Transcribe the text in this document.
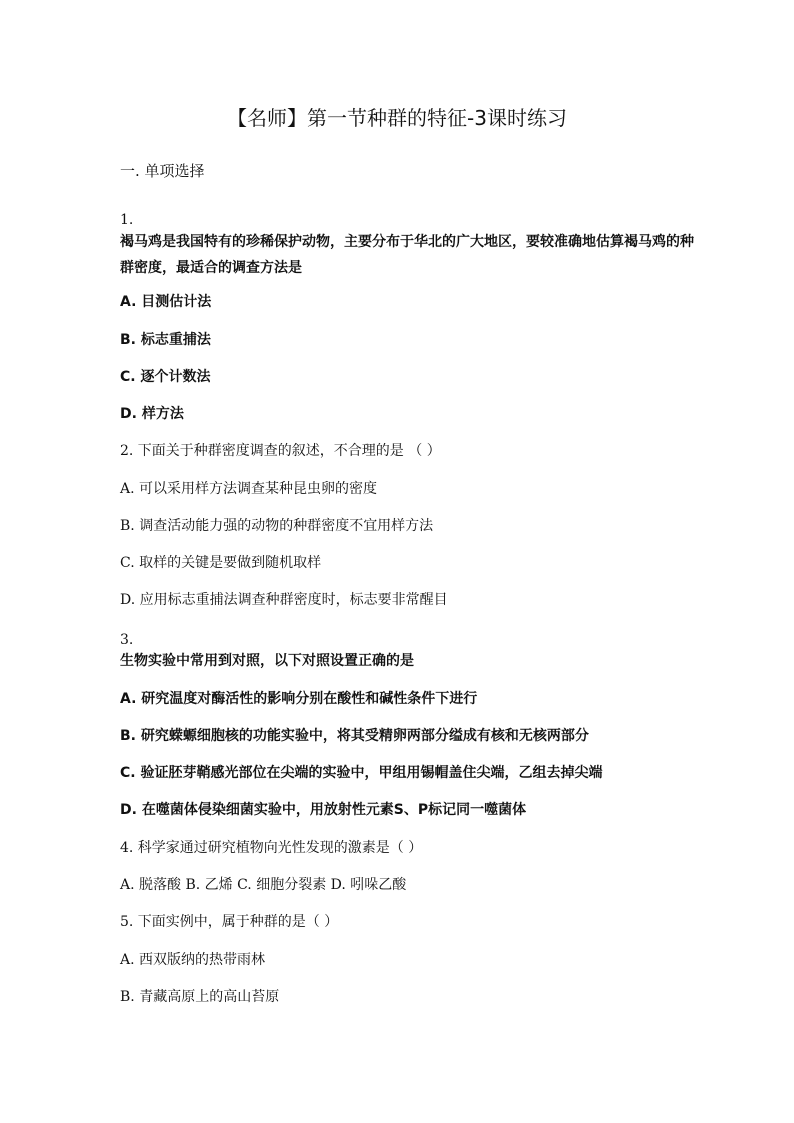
【名师】第一节种群的特征-3课时练习
一. 单项选择
1.
褐马鸡是我国特有的珍稀保护动物，主要分布于华北的广大地区，要较准确地估算褐马鸡的种群密度，最适合的调查方法是
A. 目测估计法
B. 标志重捕法
C. 逐个计数法
D. 样方法
2. 下面关于种群密度调查的叙述，不合理的是 （ ）
A. 可以采用样方法调查某种昆虫卵的密度
B. 调查活动能力强的动物的种群密度不宜用样方法
C. 取样的关键是要做到随机取样
D. 应用标志重捕法调查种群密度时，标志要非常醒目
3.
生物实验中常用到对照，以下对照设置正确的是
A. 研究温度对酶活性的影响分别在酸性和碱性条件下进行
B. 研究蝾螈细胞核的功能实验中，将其受精卵两部分缢成有核和无核两部分
C. 验证胚芽鞘感光部位在尖端的实验中，甲组用锡帽盖住尖端，乙组去掉尖端
D. 在噬菌体侵染细菌实验中，用放射性元素S、P标记同一噬菌体
4. 科学家通过研究植物向光性发现的激素是（ ）
A. 脱落酸 B. 乙烯 C. 细胞分裂素 D. 吲哚乙酸
5. 下面实例中，属于种群的是（ ）
A. 西双版纳的热带雨林
B. 青藏高原上的高山苔原
